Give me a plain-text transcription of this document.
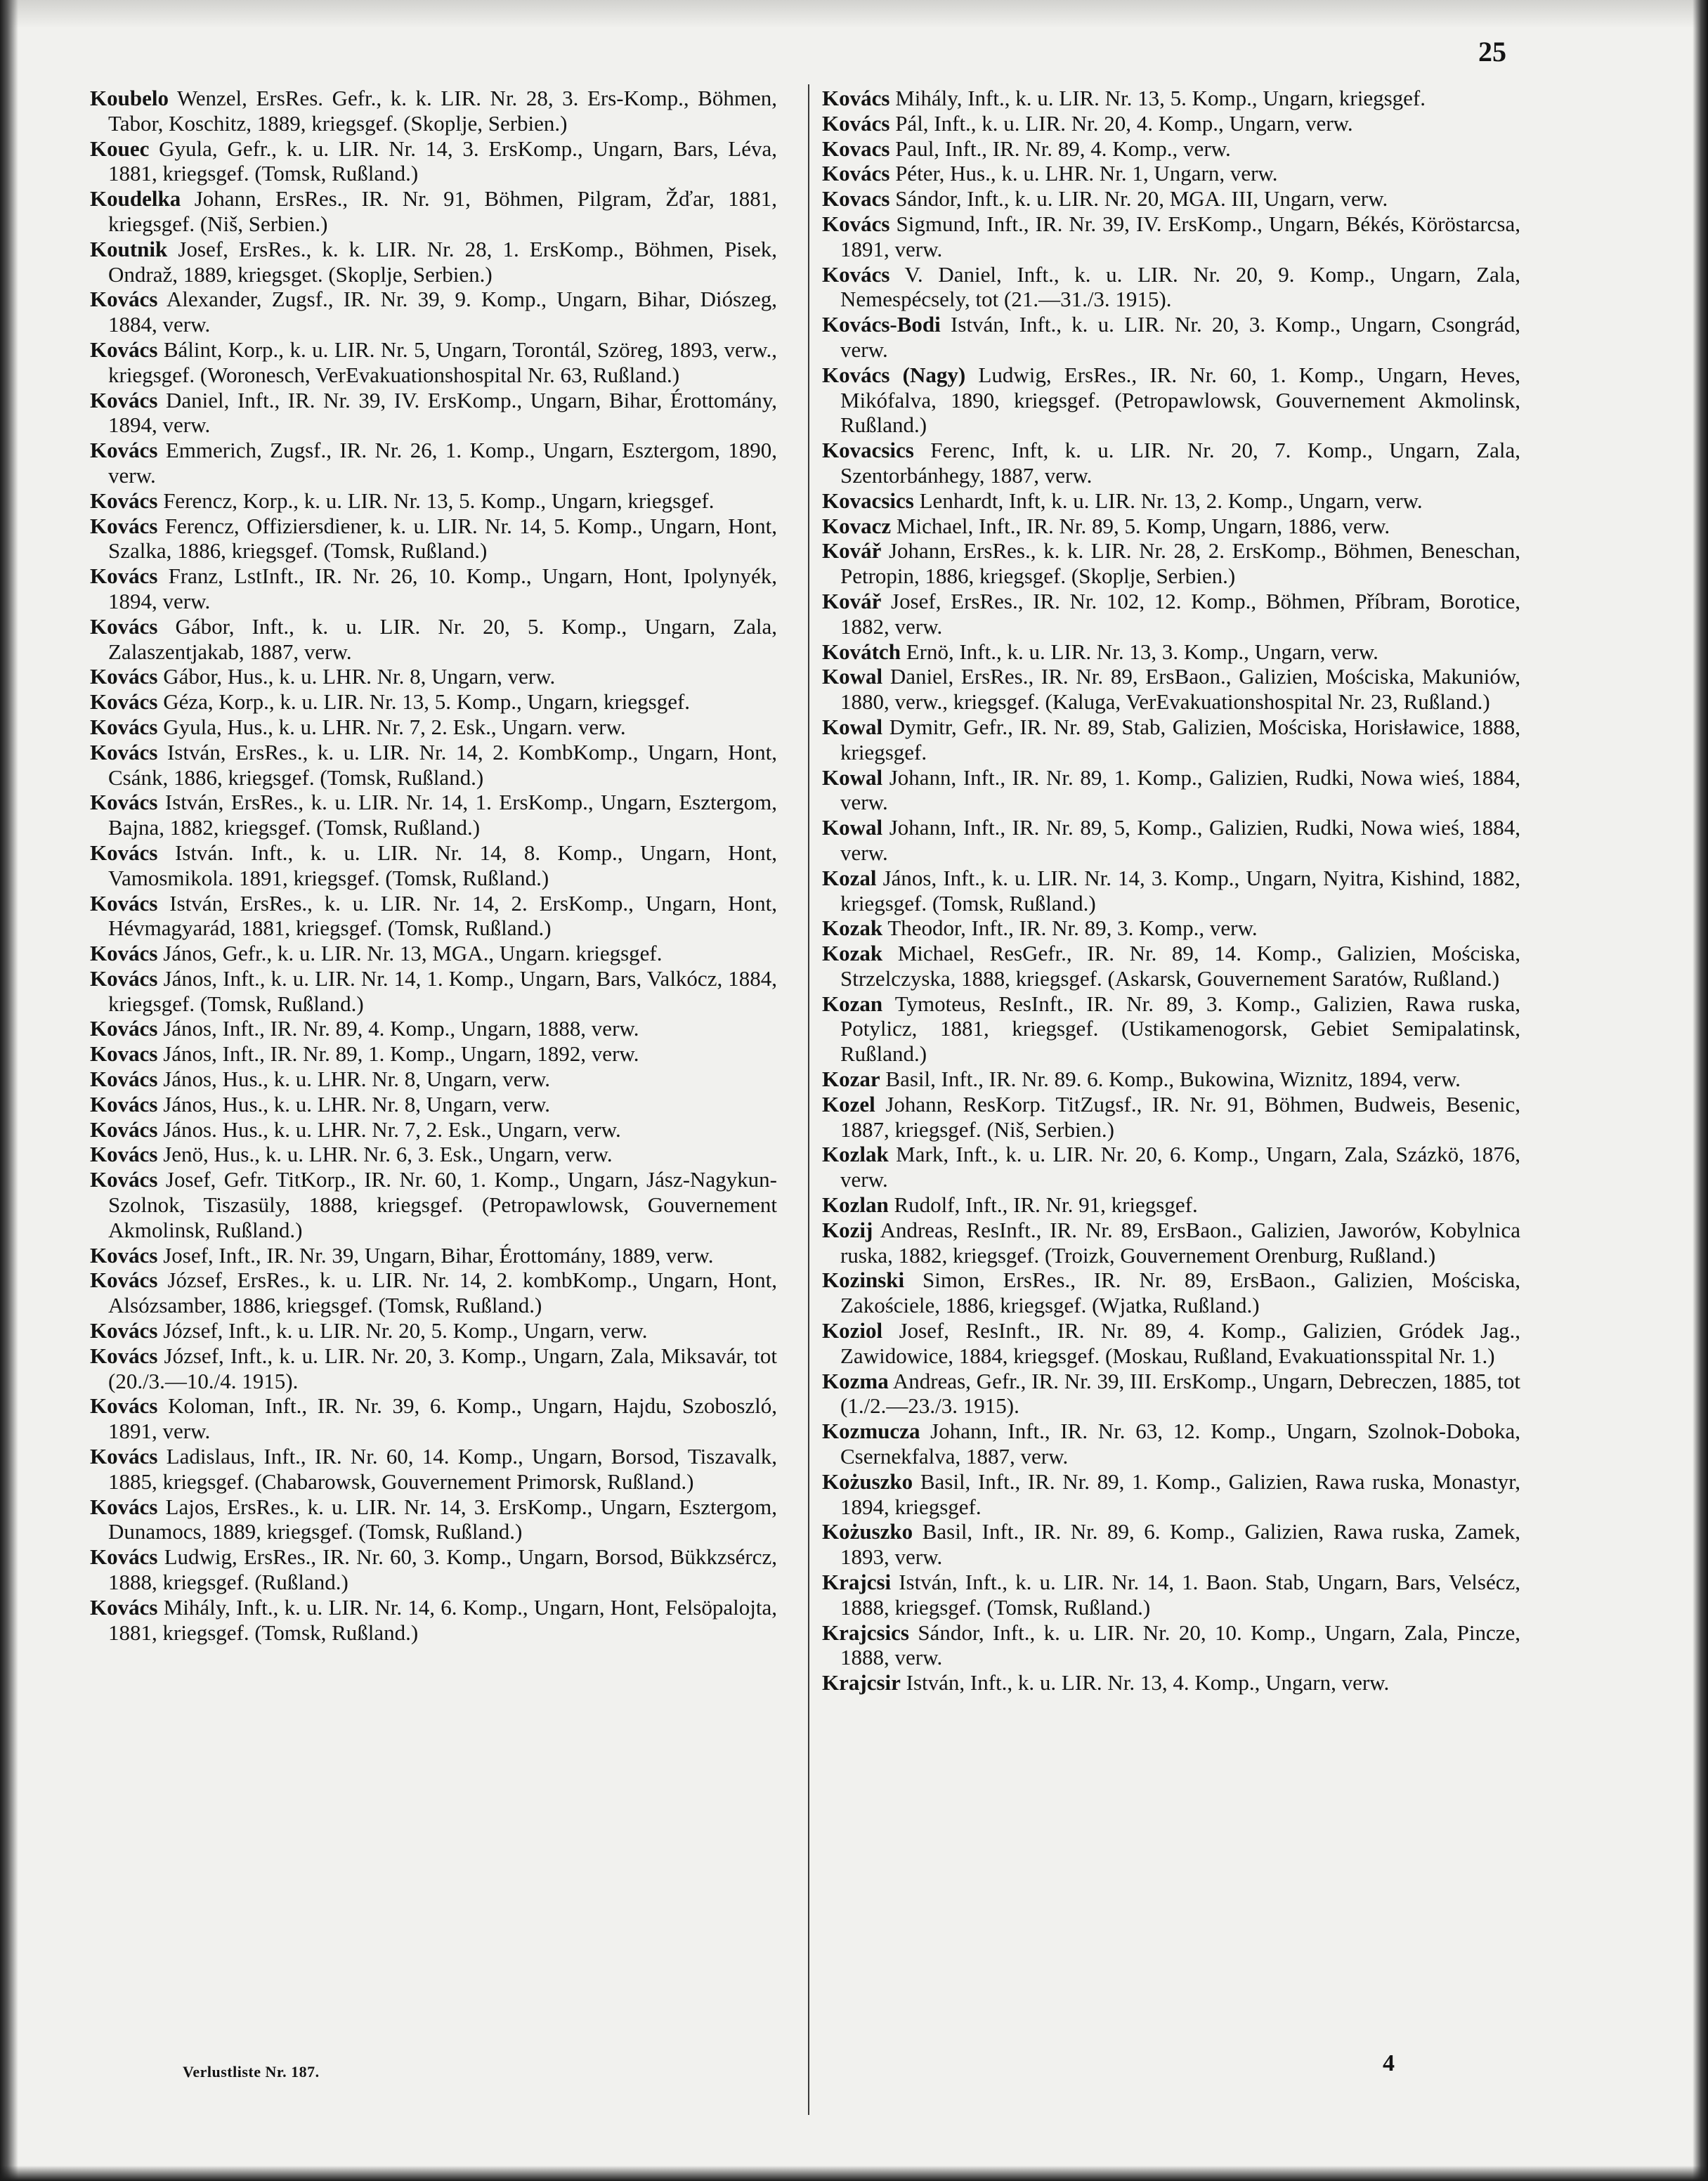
25

Koubelo Wenzel, ErsRes. Gefr., k. k. LIR. Nr. 28, 3. Ers-Komp., Böhmen, Tabor, Koschitz, 1889, kriegsgef. (Skoplje, Serbien.)

Kouec Gyula, Gefr., k. u. LIR. Nr. 14, 3. ErsKomp., Ungarn, Bars, Léva, 1881, kriegsgef. (Tomsk, Rußland.)

Koudelka Johann, ErsRes., IR. Nr. 91, Böhmen, Pilgram, Žďar, 1881, kriegsgef. (Niš, Serbien.)

Koutnik Josef, ErsRes., k. k. LIR. Nr. 28, 1. ErsKomp., Böhmen, Pisek, Ondraž, 1889, kriegsget. (Skoplje, Serbien.)

Kovács Alexander, Zugsf., IR. Nr. 39, 9. Komp., Ungarn, Bihar, Diószeg, 1884, verw.

Kovács Bálint, Korp., k. u. LIR. Nr. 5, Ungarn, Torontál, Szöreg, 1893, verw., kriegsgef. (Woronesch, VerEvakuationshospital Nr. 63, Rußland.)

Kovács Daniel, Inft., IR. Nr. 39, IV. ErsKomp., Ungarn, Bihar, Érottomány, 1894, verw.

Kovács Emmerich, Zugsf., IR. Nr. 26, 1. Komp., Ungarn, Esztergom, 1890, verw.

Kovács Ferencz, Korp., k. u. LIR. Nr. 13, 5. Komp., Ungarn, kriegsgef.

Kovács Ferencz, Offiziersdiener, k. u. LIR. Nr. 14, 5. Komp., Ungarn, Hont, Szalka, 1886, kriegsgef. (Tomsk, Rußland.)

Kovács Franz, LstInft., IR. Nr. 26, 10. Komp., Ungarn, Hont, Ipolynyék, 1894, verw.

Kovács Gábor, Inft., k. u. LIR. Nr. 20, 5. Komp., Ungarn, Zala, Zalaszentjakab, 1887, verw.

Kovács Gábor, Hus., k. u. LHR. Nr. 8, Ungarn, verw.

Kovács Géza, Korp., k. u. LIR. Nr. 13, 5. Komp., Ungarn, kriegsgef.

Kovács Gyula, Hus., k. u. LHR. Nr. 7, 2. Esk., Ungarn. verw.

Kovács István, ErsRes., k. u. LIR. Nr. 14, 2. KombKomp., Ungarn, Hont, Csánk, 1886, kriegsgef. (Tomsk, Rußland.)

Kovács István, ErsRes., k. u. LIR. Nr. 14, 1. ErsKomp., Ungarn, Esztergom, Bajna, 1882, kriegsgef. (Tomsk, Rußland.)

Kovács István. Inft., k. u. LIR. Nr. 14, 8. Komp., Ungarn, Hont, Vamosmikola. 1891, kriegsgef. (Tomsk, Rußland.)

Kovács István, ErsRes., k. u. LIR. Nr. 14, 2. ErsKomp., Ungarn, Hont, Hévmagyarád, 1881, kriegsgef. (Tomsk, Rußland.)

Kovács János, Gefr., k. u. LIR. Nr. 13, MGA., Ungarn. kriegsgef.

Kovács János, Inft., k. u. LIR. Nr. 14, 1. Komp., Ungarn, Bars, Valkócz, 1884, kriegsgef. (Tomsk, Rußland.)

Kovács János, Inft., IR. Nr. 89, 4. Komp., Ungarn, 1888, verw.

Kovacs János, Inft., IR. Nr. 89, 1. Komp., Ungarn, 1892, verw.

Kovács János, Hus., k. u. LHR. Nr. 8, Ungarn, verw.

Kovács János, Hus., k. u. LHR. Nr. 8, Ungarn, verw.

Kovács János. Hus., k. u. LHR. Nr. 7, 2. Esk., Ungarn, verw.

Kovács Jenö, Hus., k. u. LHR. Nr. 6, 3. Esk., Ungarn, verw.

Kovács Josef, Gefr. TitKorp., IR. Nr. 60, 1. Komp., Ungarn, Jász-Nagykun-Szolnok, Tiszasüly, 1888, kriegsgef. (Petropawlowsk, Gouvernement Akmolinsk, Rußland.)

Kovács Josef, Inft., IR. Nr. 39, Ungarn, Bihar, Érottomány, 1889, verw.

Kovács József, ErsRes., k. u. LIR. Nr. 14, 2. kombKomp., Ungarn, Hont, Alsózsamber, 1886, kriegsgef. (Tomsk, Rußland.)

Kovács József, Inft., k. u. LIR. Nr. 20, 5. Komp., Ungarn, verw.

Kovács József, Inft., k. u. LIR. Nr. 20, 3. Komp., Ungarn, Zala, Miksavár, tot (20./3.—10./4. 1915).

Kovács Koloman, Inft., IR. Nr. 39, 6. Komp., Ungarn, Hajdu, Szoboszló, 1891, verw.

Kovács Ladislaus, Inft., IR. Nr. 60, 14. Komp., Ungarn, Borsod, Tiszavalk, 1885, kriegsgef. (Chabarowsk, Gouvernement Primorsk, Rußland.)

Kovács Lajos, ErsRes., k. u. LIR. Nr. 14, 3. ErsKomp., Ungarn, Esztergom, Dunamocs, 1889, kriegsgef. (Tomsk, Rußland.)

Kovács Ludwig, ErsRes., IR. Nr. 60, 3. Komp., Ungarn, Borsod, Bükkzsércz, 1888, kriegsgef. (Rußland.)

Kovács Mihály, Inft., k. u. LIR. Nr. 14, 6. Komp., Ungarn, Hont, Felsöpalojta, 1881, kriegsgef. (Tomsk, Rußland.)

Kovács Mihály, Inft., k. u. LIR. Nr. 13, 5. Komp., Ungarn, kriegsgef.

Kovács Pál, Inft., k. u. LIR. Nr. 20, 4. Komp., Ungarn, verw.

Kovacs Paul, Inft., IR. Nr. 89, 4. Komp., verw.

Kovács Péter, Hus., k. u. LHR. Nr. 1, Ungarn, verw.

Kovacs Sándor, Inft., k. u. LIR. Nr. 20, MGA. III, Ungarn, verw.

Kovács Sigmund, Inft., IR. Nr. 39, IV. ErsKomp., Ungarn, Békés, Köröstarcsa, 1891, verw.

Kovács V. Daniel, Inft., k. u. LIR. Nr. 20, 9. Komp., Ungarn, Zala, Nemespécsely, tot (21.—31./3. 1915).

Kovács-Bodi István, Inft., k. u. LIR. Nr. 20, 3. Komp., Ungarn, Csongrád, verw.

Kovács (Nagy) Ludwig, ErsRes., IR. Nr. 60, 1. Komp., Ungarn, Heves, Mikófalva, 1890, kriegsgef. (Petropawlowsk, Gouvernement Akmolinsk, Rußland.)

Kovacsics Ferenc, Inft, k. u. LIR. Nr. 20, 7. Komp., Ungarn, Zala, Szentorbánhegy, 1887, verw.

Kovacsics Lenhardt, Inft, k. u. LIR. Nr. 13, 2. Komp., Ungarn, verw.

Kovacz Michael, Inft., IR. Nr. 89, 5. Komp, Ungarn, 1886, verw.

Kovář Johann, ErsRes., k. k. LIR. Nr. 28, 2. ErsKomp., Böhmen, Beneschan, Petropin, 1886, kriegsgef. (Skoplje, Serbien.)

Kovář Josef, ErsRes., IR. Nr. 102, 12. Komp., Böhmen, Příbram, Borotice, 1882, verw.

Kovátch Ernö, Inft., k. u. LIR. Nr. 13, 3. Komp., Ungarn, verw.

Kowal Daniel, ErsRes., IR. Nr. 89, ErsBaon., Galizien, Mościska, Makuniów, 1880, verw., kriegsgef. (Kaluga, VerEvakuationshospital Nr. 23, Rußland.)

Kowal Dymitr, Gefr., IR. Nr. 89, Stab, Galizien, Mościska, Horisławice, 1888, kriegsgef.

Kowal Johann, Inft., IR. Nr. 89, 1. Komp., Galizien, Rudki, Nowa wieś, 1884, verw.

Kowal Johann, Inft., IR. Nr. 89, 5, Komp., Galizien, Rudki, Nowa wieś, 1884, verw.

Kozal János, Inft., k. u. LIR. Nr. 14, 3. Komp., Ungarn, Nyitra, Kishind, 1882, kriegsgef. (Tomsk, Rußland.)

Kozak Theodor, Inft., IR. Nr. 89, 3. Komp., verw.

Kozak Michael, ResGefr., IR. Nr. 89, 14. Komp., Galizien, Mościska, Strzelczyska, 1888, kriegsgef. (Askarsk, Gouvernement Saratów, Rußland.)

Kozan Tymoteus, ResInft., IR. Nr. 89, 3. Komp., Galizien, Rawa ruska, Potylicz, 1881, kriegsgef. (Ustikamenogorsk, Gebiet Semipalatinsk, Rußland.)

Kozar Basil, Inft., IR. Nr. 89. 6. Komp., Bukowina, Wiznitz, 1894, verw.

Kozel Johann, ResKorp. TitZugsf., IR. Nr. 91, Böhmen, Budweis, Besenic, 1887, kriegsgef. (Niš, Serbien.)

Kozlak Mark, Inft., k. u. LIR. Nr. 20, 6. Komp., Ungarn, Zala, Százkö, 1876, verw.

Kozlan Rudolf, Inft., IR. Nr. 91, kriegsgef.

Kozij Andreas, ResInft., IR. Nr. 89, ErsBaon., Galizien, Jaworów, Kobylnica ruska, 1882, kriegsgef. (Troizk, Gouvernement Orenburg, Rußland.)

Kozinski Simon, ErsRes., IR. Nr. 89, ErsBaon., Galizien, Mościska, Zakościele, 1886, kriegsgef. (Wjatka, Rußland.)

Koziol Josef, ResInft., IR. Nr. 89, 4. Komp., Galizien, Gródek Jag., Zawidowice, 1884, kriegsgef. (Moskau, Rußland, Evakuationsspital Nr. 1.)

Kozma Andreas, Gefr., IR. Nr. 39, III. ErsKomp., Ungarn, Debreczen, 1885, tot (1./2.—23./3. 1915).

Kozmucza Johann, Inft., IR. Nr. 63, 12. Komp., Ungarn, Szolnok-Doboka, Csernekfalva, 1887, verw.

Kożuszko Basil, Inft., IR. Nr. 89, 1. Komp., Galizien, Rawa ruska, Monastyr, 1894, kriegsgef.

Kożuszko Basil, Inft., IR. Nr. 89, 6. Komp., Galizien, Rawa ruska, Zamek, 1893, verw.

Krajcsi István, Inft., k. u. LIR. Nr. 14, 1. Baon. Stab, Ungarn, Bars, Velsécz, 1888, kriegsgef. (Tomsk, Rußland.)

Krajcsics Sándor, Inft., k. u. LIR. Nr. 20, 10. Komp., Ungarn, Zala, Pincze, 1888, verw.

Krajcsir István, Inft., k. u. LIR. Nr. 13, 4. Komp., Ungarn, verw.

Verlustliste Nr. 187.	4
